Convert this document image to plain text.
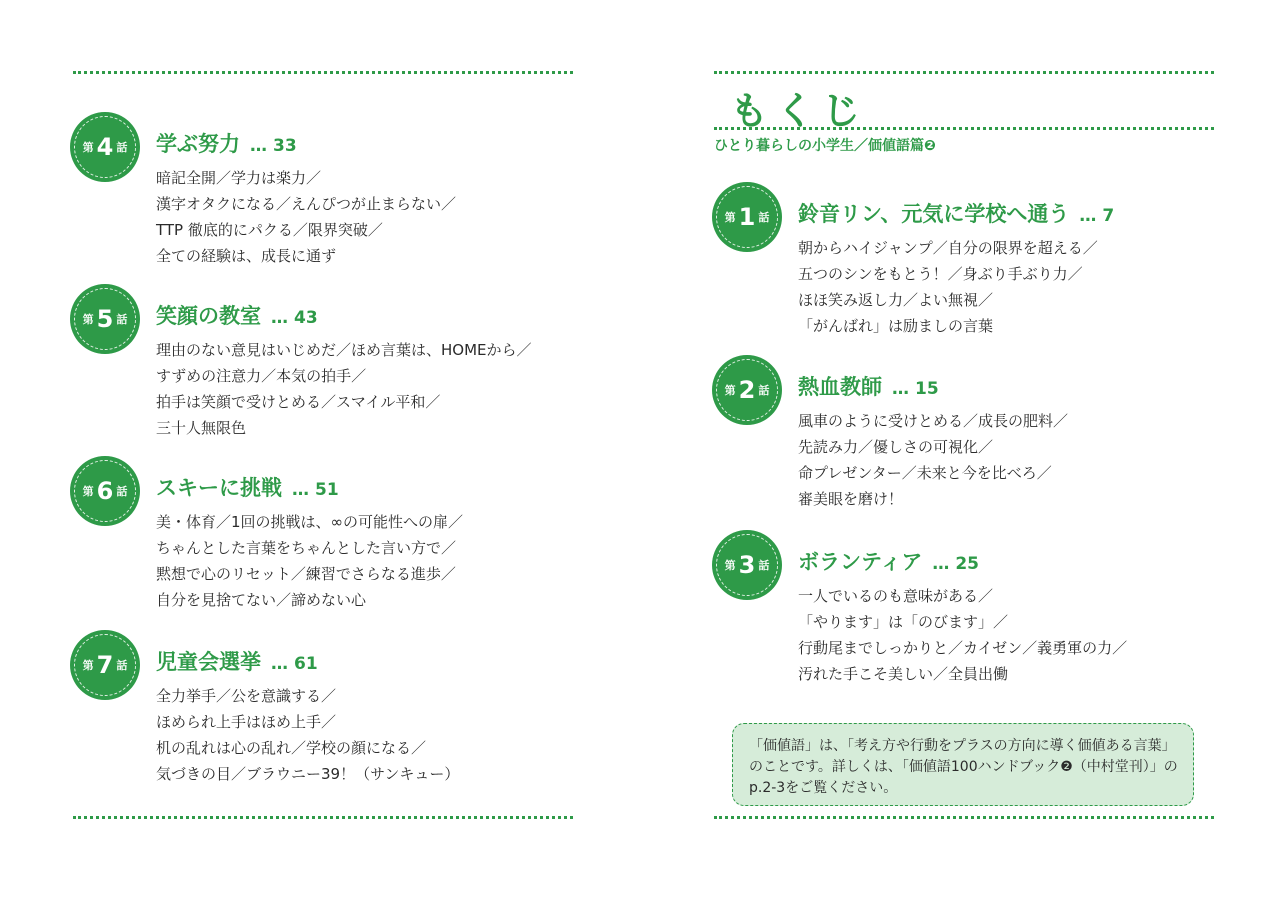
第 4 話 学ぶ努力 … 33
暗記全開／学力は楽力／
漢字オタクになる／えんぴつが止まらない／
TTP 徹底的にパクる／限界突破／
全ての経験は、成長に通ず
第 5 話 笑顔の教室 … 43
理由のない意見はいじめだ／ほめ言葉は、HOMEから／
すずめの注意力／本気の拍手／
拍手は笑顔で受けとめる／スマイル平和／
三十人無限色
第 6 話 スキーに挑戦 … 51
美・体育／1回の挑戦は、∞の可能性への扉／
ちゃんとした言葉をちゃんとした言い方で／
黙想で心のリセット／練習でさらなる進歩／
自分を見捨てない／諦めない心
第 7 話 児童会選挙 … 61
全力挙手／公を意識する／
ほめられ上手はほめ上手／
机の乱れは心の乱れ／学校の顔になる／
気づきの目／ブラウニー39！（サンキュー）
もくじ
ひとり暮らしの小学生／価値語篇❷
第 1 話 鈴音リン、元気に学校へ通う … 7
朝からハイジャンプ／自分の限界を超える／
五つのシンをもとう！／身ぶり手ぶり力／
ほほ笑み返し力／よい無視／
「がんばれ」は励ましの言葉
第 2 話 熱血教師 … 15
風車のように受けとめる／成長の肥料／
先読み力／優しさの可視化／
命プレゼンター／未来と今を比べろ／
審美眼を磨け！
第 3 話 ボランティア … 25
一人でいるのも意味がある／
「やります」は「のびます」／
行動尾までしっかりと／カイゼン／義勇軍の力／
汚れた手こそ美しい／全員出働
「価値語」は、「考え方や行動をプラスの方向に導く価値ある言葉」
のことです。詳しくは、「価値語100ハンドブック❷（中村堂刊）」の
p.2-3をご覧ください。
